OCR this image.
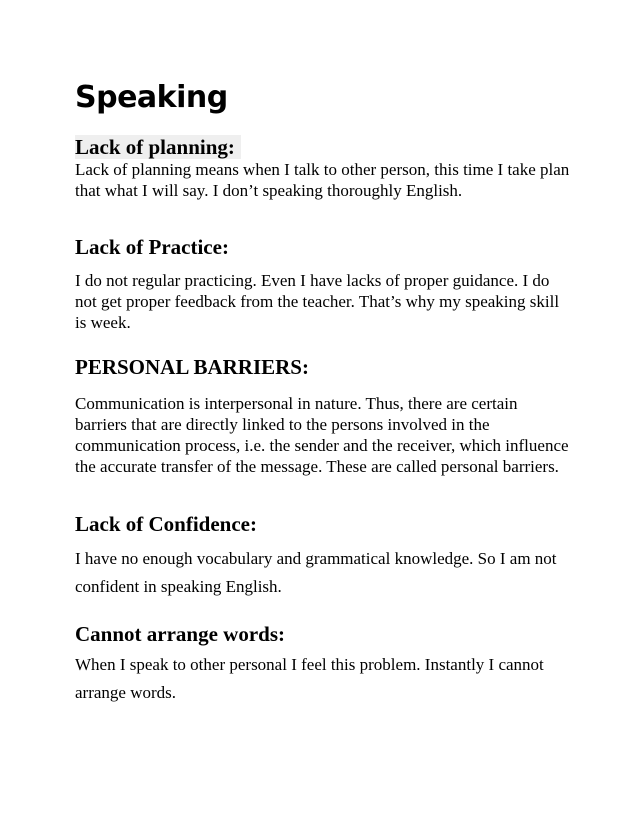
Speaking
Lack of planning:

Lack of planning means when I talk to other person, this time I take plan that what I will say. I don’t speaking thoroughly English.

Lack of Practice:

I do not regular practicing. Even I have lacks of proper guidance. I do not get proper feedback from the teacher. That’s why my speaking skill is week.

PERSONAL BARRIERS:

Communication is interpersonal in nature. Thus, there are certain barriers that are directly linked to the persons involved in the communication process, i.e. the sender and the receiver, which influence the accurate transfer of the message. These are called personal barriers.

Lack of Confidence:

I have no enough vocabulary and grammatical knowledge. So I am not confident in speaking English.

Cannot arrange words:

When I speak to other personal I feel this problem. Instantly I cannot arrange words.
